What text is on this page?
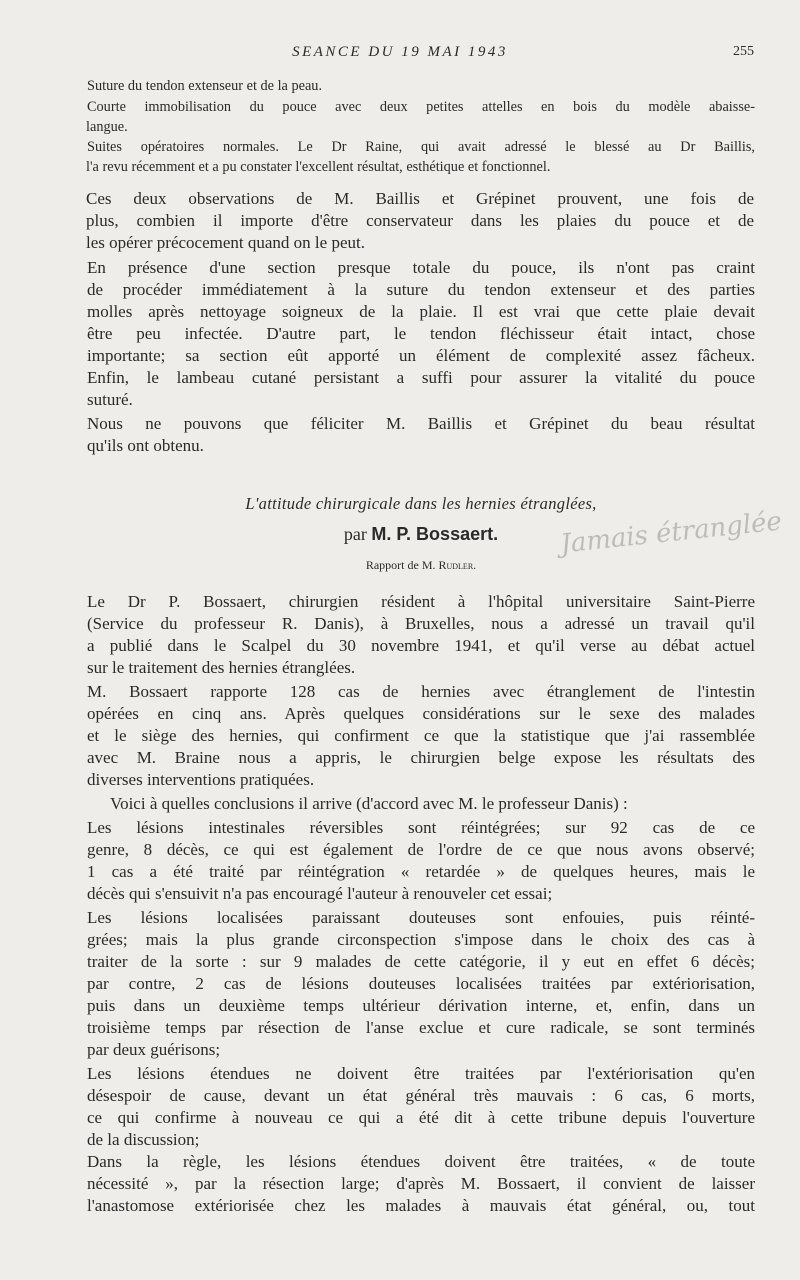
SEANCE DU 19 MAI 1943	255
Suture du tendon extenseur et de la peau.
Courte immobilisation du pouce avec deux petites attelles en bois du modèle abaisse-
langue.
Suites opératoires normales. Le Dr Raine, qui avait adressé le blessé au Dr Baillis,
l'a revu récemment et a pu constater l'excellent résultat, esthétique et fonctionnel.
Ces deux observations de M. Baillis et Grépinet prouvent, une fois de
plus, combien il importe d'être conservateur dans les plaies du pouce et de
les opérer précocement quand on le peut.
En présence d'une section presque totale du pouce, ils n'ont pas craint
de procéder immédiatement à la suture du tendon extenseur et des parties
molles après nettoyage soigneux de la plaie. Il est vrai que cette plaie devait
être peu infectée. D'autre part, le tendon fléchisseur était intact, chose
importante; sa section eût apporté un élément de complexité assez fâcheux.
Enfin, le lambeau cutané persistant a suffi pour assurer la vitalité du pouce
suturé.
Nous ne pouvons que féliciter M. Baillis et Grépinet du beau résultat
qu'ils ont obtenu.
L'attitude chirurgicale dans les hernies étranglées,
par M. P. Bossaert.	Jamais étranglée
Rapport de M. Rudler.
Le Dr P. Bossaert, chirurgien résident à l'hôpital universitaire Saint-Pierre
(Service du professeur R. Danis), à Bruxelles, nous a adressé un travail qu'il
a publié dans le Scalpel du 30 novembre 1941, et qu'il verse au débat actuel
sur le traitement des hernies étranglées.
M. Bossaert rapporte 128 cas de hernies avec étranglement de l'intestin
opérées en cinq ans. Après quelques considérations sur le sexe des malades
et le siège des hernies, qui confirment ce que la statistique que j'ai rassemblée
avec M. Braine nous a appris, le chirurgien belge expose les résultats des
diverses interventions pratiquées.
Voici à quelles conclusions il arrive (d'accord avec M. le professeur Danis) :
Les lésions intestinales réversibles sont réintégrées; sur 92 cas de ce
genre, 8 décès, ce qui est également de l'ordre de ce que nous avons observé;
1 cas a été traité par réintégration « retardée » de quelques heures, mais le
décès qui s'ensuivit n'a pas encouragé l'auteur à renouveler cet essai;
Les lésions localisées paraissant douteuses sont enfouies, puis réinté-
grées; mais la plus grande circonspection s'impose dans le choix des cas à
traiter de la sorte : sur 9 malades de cette catégorie, il y eut en effet 6 décès;
par contre, 2 cas de lésions douteuses localisées traitées par extériorisation,
puis dans un deuxième temps ultérieur dérivation interne, et, enfin, dans un
troisième temps par résection de l'anse exclue et cure radicale, se sont terminés
par deux guérisons;
Les lésions étendues ne doivent être traitées par l'extériorisation qu'en
désespoir de cause, devant un état général très mauvais : 6 cas, 6 morts,
ce qui confirme à nouveau ce qui a été dit à cette tribune depuis l'ouverture
de la discussion;
Dans la règle, les lésions étendues doivent être traitées, « de toute
nécessité », par la résection large; d'après M. Bossaert, il convient de laisser
l'anastomose extériorisée chez les malades à mauvais état général, ou, tout
